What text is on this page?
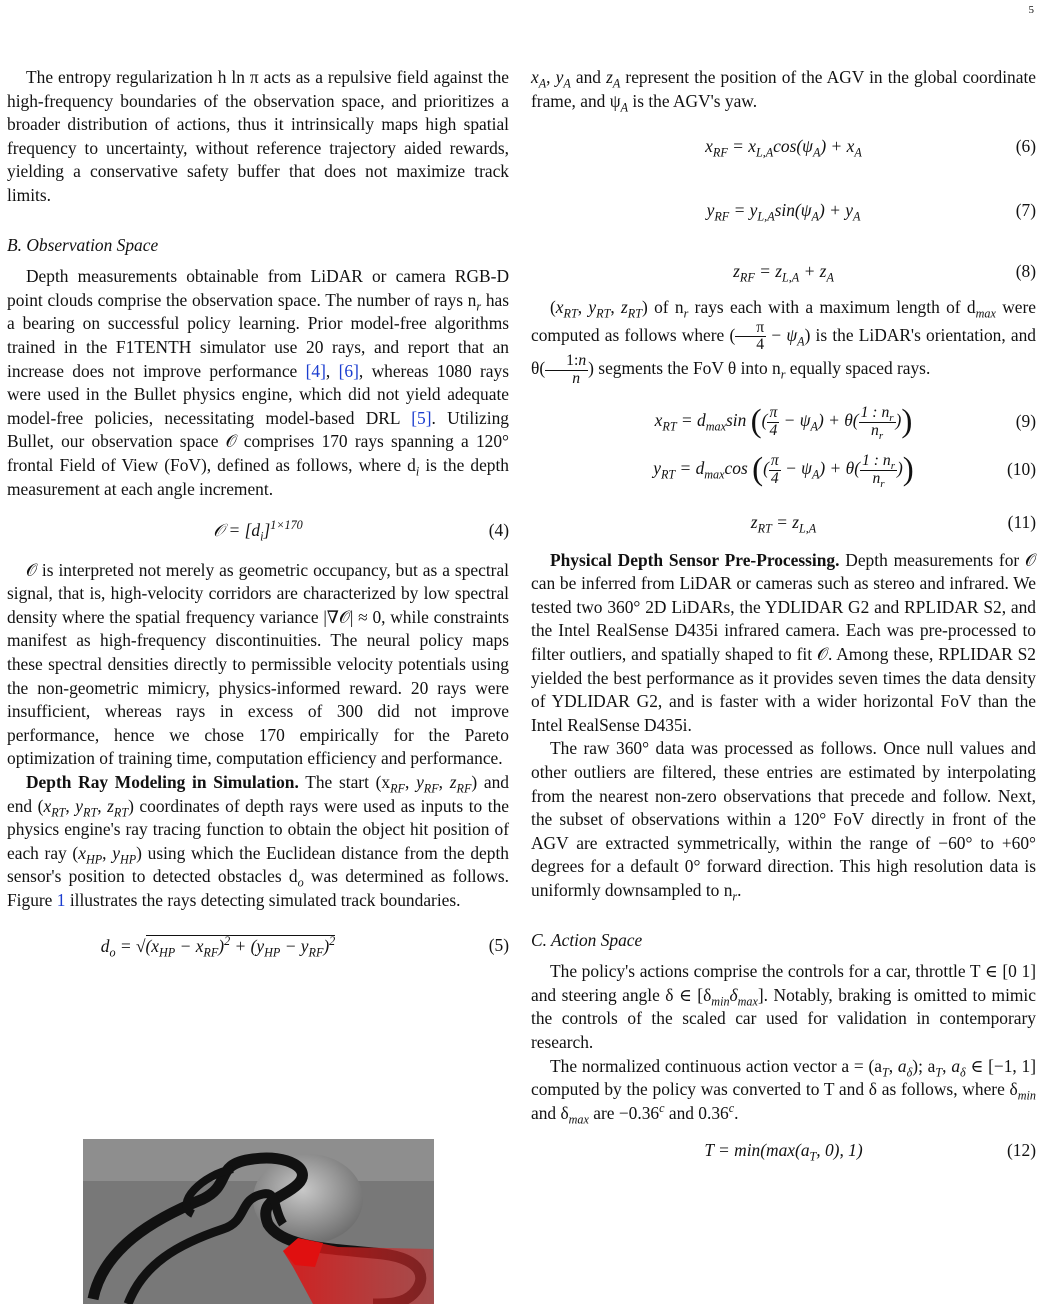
5

The entropy regularization h ln π acts as a repulsive field against the high-frequency boundaries of the observation space, and prioritizes a broader distribution of actions, thus it intrinsically maps high spatial frequency to uncertainty, without reference trajectory aided rewards, yielding a conservative safety buffer that does not maximize track limits.

B. Observation Space

Depth measurements obtainable from LiDAR or camera RGB-D point clouds comprise the observation space. The number of rays $n_r$ has a bearing on successful policy learning. Prior model-free algorithms trained in the F1TENTH simulator use 20 rays, and report that an increase does not improve performance [4], [6], whereas 1080 rays were used in the Bullet physics engine, which did not yield adequate model-free policies, necessitating model-based DRL [5]. Utilizing Bullet, our observation space 𝒪 comprises 170 rays spanning a 120° frontal Field of View (FoV), defined as follows, where $d_i$ is the depth measurement at each angle increment.

𝒪 = $[d_i]^{1\times 170}$	(4)

𝒪 is interpreted not merely as geometric occupancy, but as a spectral signal, that is, high-velocity corridors are characterized by low spectral density where the spatial frequency variance |∇𝒪| ≈ 0, while constraints manifest as high-frequency discontinuities. The neural policy maps these spectral densities directly to permissible velocity potentials using the non-geometric mimicry, physics-informed reward. 20 rays were insufficient, whereas rays in excess of 300 did not improve performance, hence we chose 170 empirically for the Pareto optimization of training time, computation efficiency and performance.

Depth Ray Modeling in Simulation. The start ($x_{RF}$, $y_{RF}$, $z_{RF}$) and end ($x_{RT}$, $y_{RT}$, $z_{RT}$) coordinates of depth rays were used as inputs to the physics engine's ray tracing function to obtain the object hit position of each ray ($x_{HP}$, $y_{HP}$) using which the Euclidean distance from the depth sensor's position to detected obstacles $d_o$ was determined as follows. Figure 1 illustrates the rays detecting simulated track boundaries.

$d_o = √(x_{HP} - x_{RF})^2 + (y_{HP} - y_{RF})^2$	(5)

$x_A$, $y_A$ and $z_A$ represent the position of the AGV in the global coordinate frame, and $\psi_A$ is the AGV's yaw.

$x_{RF} = x_{L,A}\cos(\psi_A) + x_A$	(6)
$y_{RF} = y_{L,A}\sin(\psi_A) + y_A$	(7)
$z_{RF} = z_{L,A} + z_A$	(8)

($x_{RT}$, $y_{RT}$, $z_{RT}$) of $n_r$ rays each with a maximum length of $d_{max}$ were computed as follows where ( $\frac{\pi}{4} - \psi_A$) is the LiDAR's orientation, and $\theta( \frac{1:n}{n}$ ) segments the FoV θ into $n_r$ equally spaced rays.

$x_{RT} = d_{max}\sin$ (( $\frac{\pi}{4} - \psi_A) + \theta( \frac{1 : n_r}{n_r}$ ))	(9)
$y_{RT} = d_{max}\cos$ (( $\frac{\pi}{4} - \psi_A) + \theta( \frac{1 : n_r}{n_r}$ ))	(10)
$z_{RT} = z_{L,A}$	(11)

Physical Depth Sensor Pre-Processing. Depth measurements for 𝒪 can be inferred from LiDAR or cameras such as stereo and infrared. We tested two 360° 2D LiDARs, the YDLIDAR G2 and RPLIDAR S2, and the Intel RealSense D435i infrared camera. Each was pre-processed to filter outliers, and spatially shaped to fit 𝒪. Among these, RPLIDAR S2 yielded the best performance as it provides seven times the data density of YDLIDAR G2, and is faster with a wider horizontal FoV than the Intel RealSense D435i.

The raw 360° data was processed as follows. Once null values and other outliers are filtered, these entries are estimated by interpolating from the nearest non-zero observations that precede and follow. Next, the subset of observations within a 120° FoV directly in front of the AGV are extracted symmetrically, within the range of −60° to +60° degrees for a default 0° forward direction. This high resolution data is uniformly downsampled to $n_r$.

C. Action Space

The policy's actions comprise the controls for a car, throttle T ∈ [0 1] and steering angle δ ∈ $[\delta_{min}\delta_{max}]$. Notably, braking is omitted to mimic the controls of the scaled car used for validation in contemporary research.

The normalized continuous action vector $a = (a_T$, $a_\delta$); $a_T$, $a_\delta$ ∈ [−1, 1] computed by the policy was converted to T and δ as follows, where $\delta_{min}$ and $\delta_{max}$ are −0.36$^c$ and 0.36$^c$.

$T = \min(\max(a_T$, 0), 1)	(12)
